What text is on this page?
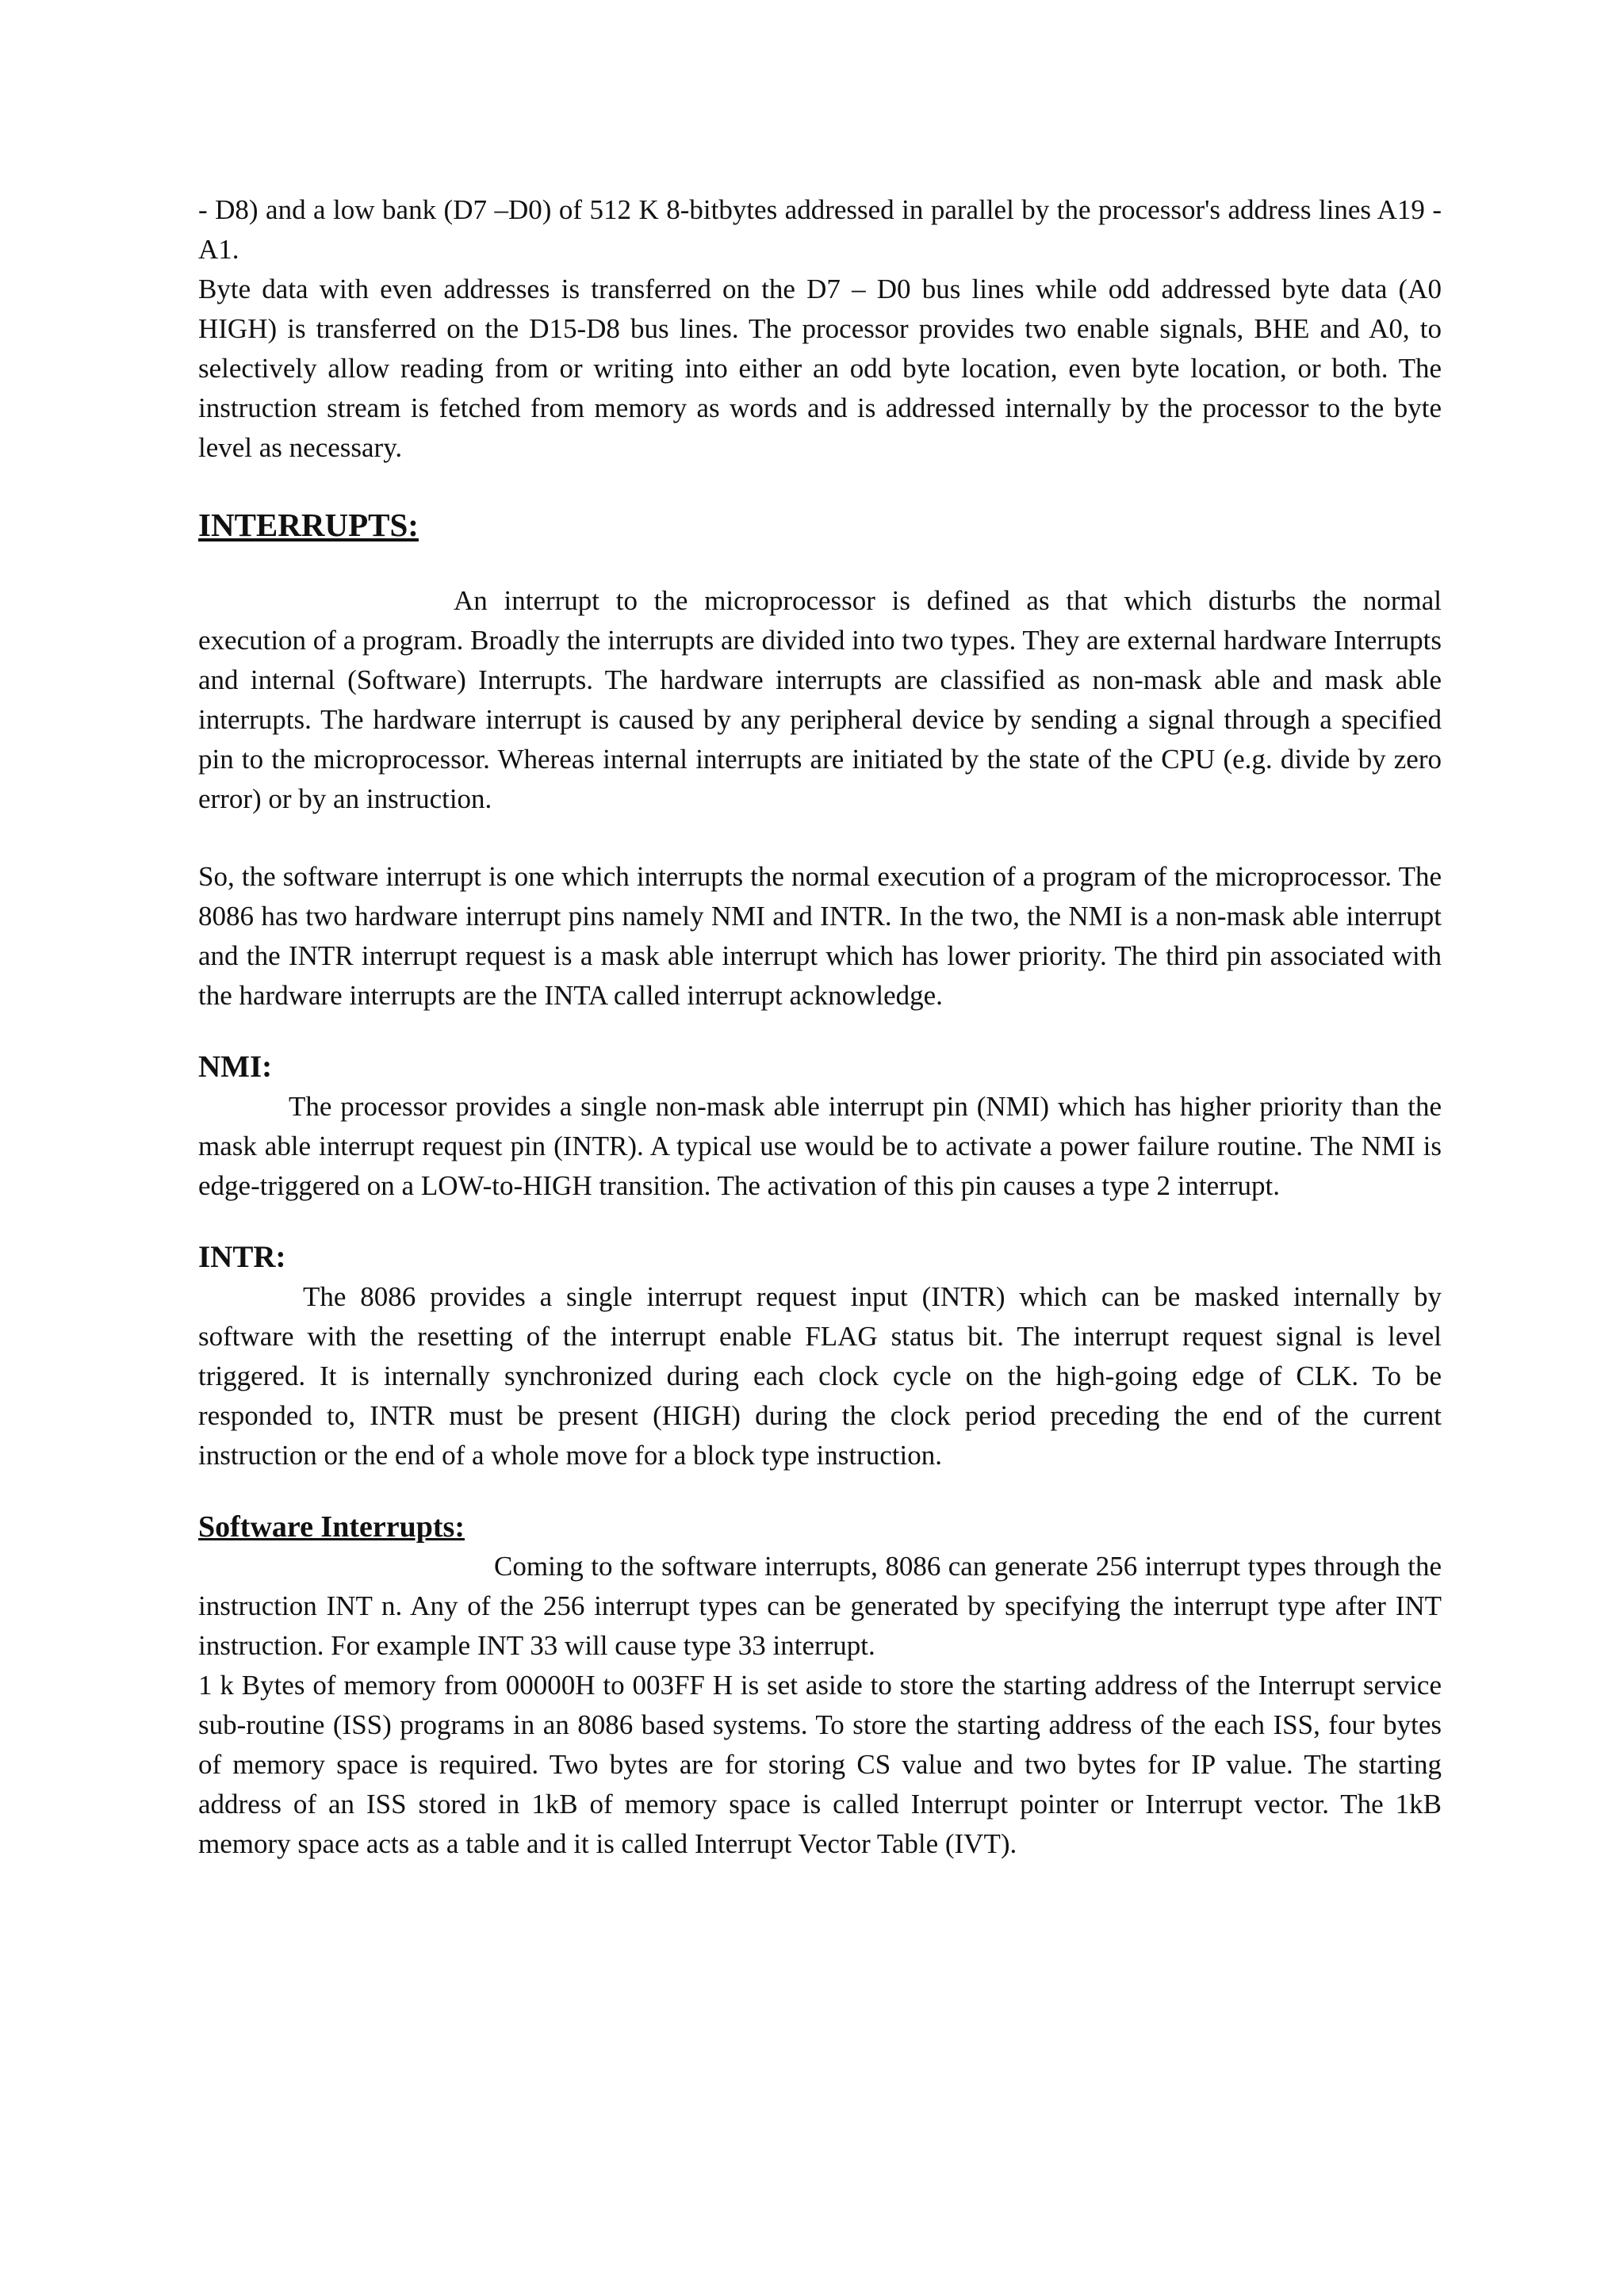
- D8) and a low bank (D7 –D0) of 512 K 8-bitbytes addressed in parallel by the processor's address lines A19 -A1.

Byte data with even addresses is transferred on the D7 – D0 bus lines while odd addressed byte data (A0 HIGH) is transferred on the D15-D8 bus lines. The processor provides two enable signals, BHE and A0, to selectively allow reading from or writing into either an odd byte location, even byte location, or both. The instruction stream is fetched from memory as words and is addressed internally by the processor to the byte level as necessary.

INTERRUPTS:

An interrupt to the microprocessor is defined as that which disturbs the normal execution of a program. Broadly the interrupts are divided into two types. They are external hardware Interrupts and internal (Software) Interrupts. The hardware interrupts are classified as non-mask able and mask able interrupts. The hardware interrupt is caused by any peripheral device by sending a signal through a specified pin to the microprocessor. Whereas internal interrupts are initiated by the state of the CPU (e.g. divide by zero error) or by an instruction.

So, the software interrupt is one which interrupts the normal execution of a program of the microprocessor. The 8086 has two hardware interrupt pins namely NMI and INTR. In the two, the NMI is a non-mask able interrupt and the INTR interrupt request is a mask able interrupt which has lower priority. The third pin associated with the hardware interrupts are the INTA called interrupt acknowledge.

NMI:

The processor provides a single non-mask able interrupt pin (NMI) which has higher priority than the mask able interrupt request pin (INTR). A typical use would be to activate a power failure routine. The NMI is edge-triggered on a LOW-to-HIGH transition. The activation of this pin causes a type 2 interrupt.

INTR:

The 8086 provides a single interrupt request input (INTR) which can be masked internally by software with the resetting of the interrupt enable FLAG status bit. The interrupt request signal is level triggered. It is internally synchronized during each clock cycle on the high-going edge of CLK. To be responded to, INTR must be present (HIGH) during the clock period preceding the end of the current instruction or the end of a whole move for a block type instruction.

Software Interrupts:

Coming to the software interrupts, 8086 can generate 256 interrupt types through the instruction INT n. Any of the 256 interrupt types can be generated by specifying the interrupt type after INT instruction. For example INT 33 will cause type 33 interrupt.

1 k Bytes of memory from 00000H to 003FF H is set aside to store the starting address of the Interrupt service sub-routine (ISS) programs in an 8086 based systems. To store the starting address of the each ISS, four bytes of memory space is required. Two bytes are for storing CS value and two bytes for IP value. The starting address of an ISS stored in 1kB of memory space is called Interrupt pointer or Interrupt vector. The 1kB memory space acts as a table and it is called Interrupt Vector Table (IVT).
